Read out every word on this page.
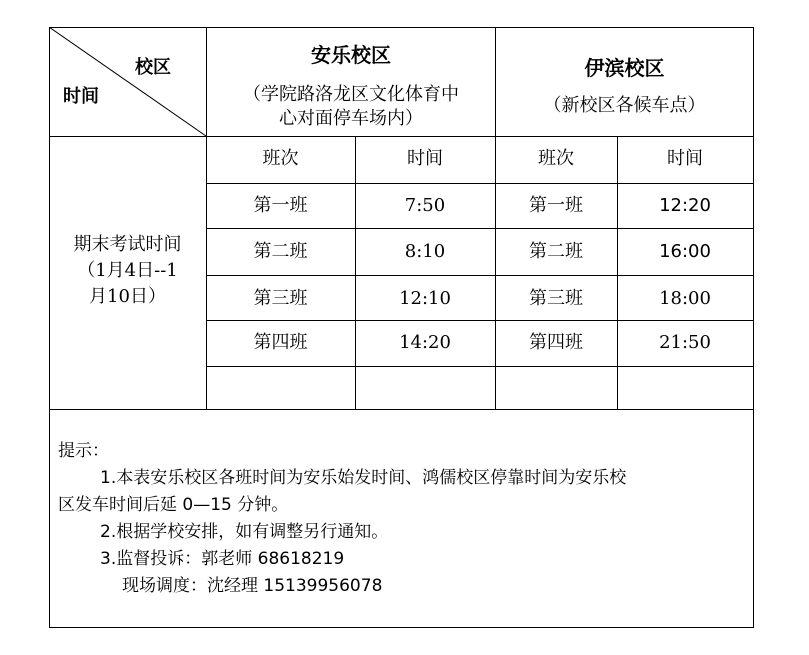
校区
时间
安乐校区
（学院路洛龙区文化体育中
心对面停车场内）
伊滨校区
（新校区各候车点）
班次	时间	班次	时间
期末考试时间
（1月4日--1
月10日）
第一班	7:50	第一班	12:20
第二班	8:10	第二班	16:00
第三班	12:10	第三班	18:00
第四班	14:20	第四班	21:50
提示：
1.本表安乐校区各班时间为安乐始发时间、鸿儒校区停靠时间为安乐校
区发车时间后延 0—15 分钟。
2.根据学校安排，如有调整另行通知。
3.监督投诉：郭老师 68618219
现场调度：沈经理 15139956078
